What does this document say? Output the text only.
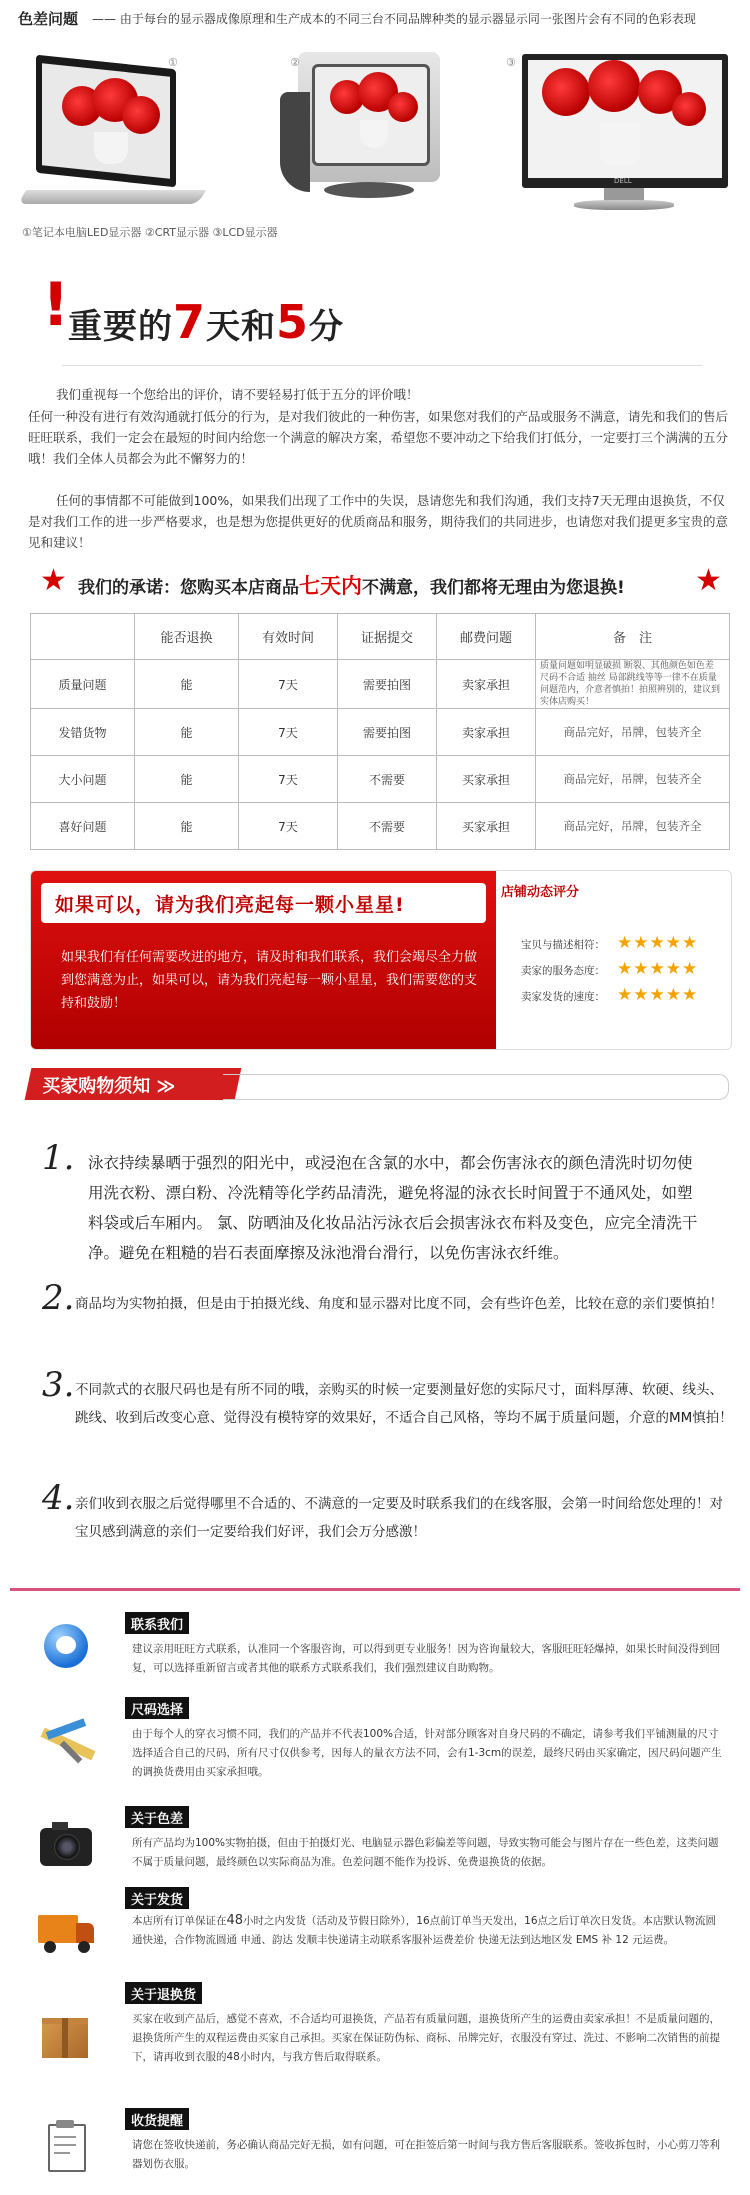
色差问题 —— 由于每台的显示器成像原理和生产成本的不同三台不同品牌种类的显示器显示同一张图片会有不同的色彩表现
①	②
DELL
③
①笔记本电脑LED显示器 ②CRT显示器 ③LCD显示器
!
重要的7天和5分
我们重视每一个您给出的评价，请不要轻易打低于五分的评价哦！
任何一种没有进行有效沟通就打低分的行为，是对我们彼此的一种伤害，如果您对我们的产品或服务不满意，请先和我们的售后旺旺联系，我们一定会在最短的时间内给您一个满意的解决方案，希望您不要冲动之下给我们打低分，一定要打三个满满的五分哦！我们全体人员都会为此不懈努力的！
任何的事情都不可能做到100%，如果我们出现了工作中的失误，恳请您先和我们沟通，我们支持7天无理由退换货，不仅是对我们工作的进一步严格要求，也是想为您提供更好的优质商品和服务，期待我们的共同进步，也请您对我们提更多宝贵的意见和建议！
★ 我们的承诺：您购买本店商品七天内不满意，我们都将无理由为您退换! ★
	能否退换	有效时间	证据提交	邮费问题	备　注
质量问题	能	7天	需要拍图	卖家承担	质量问题如明显破损 断裂、其他颜色如色差 尺码不合适 抽丝 局部跳线等等一律不在质量问题范内，介意者慎拍！拍照辨别的，建议到实体店购买！
发错货物	能	7天	需要拍图	卖家承担	商品完好，吊牌，包装齐全
大小问题	能	7天	不需要	买家承担	商品完好，吊牌，包装齐全
喜好问题	能	7天	不需要	买家承担	商品完好，吊牌，包装齐全
如果可以，请为我们亮起每一颗小星星!
如果我们有任何需要改进的地方，请及时和我们联系，我们会竭尽全力做到您满意为止，如果可以，请为我们亮起每一颗小星星，我们需要您的支持和鼓励！
店铺动态评分
宝贝与描述相符： ★★★★★
卖家的服务态度： ★★★★★
卖家发货的速度： ★★★★★
买家购物须知 ≫
1. 泳衣持续暴晒于强烈的阳光中，或浸泡在含氯的水中，都会伤害泳衣的颜色清洗时切勿使用洗衣粉、漂白粉、冷洗精等化学药品清洗，避免将湿的泳衣长时间置于不通风处，如塑料袋或后车厢内。 氯、防晒油及化妆品沾污泳衣后会损害泳衣布料及变色，应完全清洗干净。避免在粗糙的岩石表面摩擦及泳池滑台滑行，以免伤害泳衣纤维。
2. 商品均为实物拍摄，但是由于拍摄光线、角度和显示器对比度不同，会有些许色差，比较在意的亲们要慎拍！
3. 不同款式的衣服尺码也是有所不同的哦，亲购买的时候一定要测量好您的实际尺寸，面料厚薄、软硬、线头、跳线、收到后改变心意、觉得没有模特穿的效果好，不适合自己风格，等均不属于质量问题，介意的MM慎拍！
4. 亲们收到衣服之后觉得哪里不合适的、不满意的一定要及时联系我们的在线客服，会第一时间给您处理的！对宝贝感到满意的亲们一定要给我们好评，我们会万分感激！
联系我们
建议亲用旺旺方式联系，认准同一个客服咨询，可以得到更专业服务！因为咨询量较大，客服旺旺轻爆掉，如果长时间没得到回复，可以选择重新留言或者其他的联系方式联系我们，我们强烈建议自助购物。
尺码选择
由于每个人的穿衣习惯不同，我们的产品并不代表100%合适，针对部分顾客对自身尺码的不确定，请参考我们平铺测量的尺寸选择适合自己的尺码，所有尺寸仅供参考，因每人的量衣方法不同，会有1-3cm的误差，最终尺码由买家确定，因尺码问题产生的调换货费用由买家承担哦。
关于色差
所有产品均为100%实物拍摄，但由于拍摄灯光、电脑显示器色彩偏差等问题，导致实物可能会与图片存在一些色差，这类问题不属于质量问题，最终颜色以实际商品为准。色差问题不能作为投诉、免费退换货的依据。
关于发货
本店所有订单保证在48小时之内发货（活动及节假日除外），16点前订单当天发出，16点之后订单次日发货。本店默认物流圆通快递，合作物流圆通 申通、韵达 发顺丰快递请主动联系客服补运费差价 快递无法到达地区发 EMS 补 12 元运费。
关于退换货
买家在收到产品后，感觉不喜欢，不合适均可退换货，产品若有质量问题，退换货所产生的运费由卖家承担！不是质量问题的，退换货所产生的双程运费由买家自己承担。买家在保证防伪标、商标、吊牌完好，衣服没有穿过、洗过、不影响二次销售的前提下，请再收到衣服的48小时内，与我方售后取得联系。
收货提醒
请您在签收快递前，务必确认商品完好无损，如有问题，可在拒签后第一时间与我方售后客服联系。签收拆包时，小心剪刀等利器划伤衣服。
